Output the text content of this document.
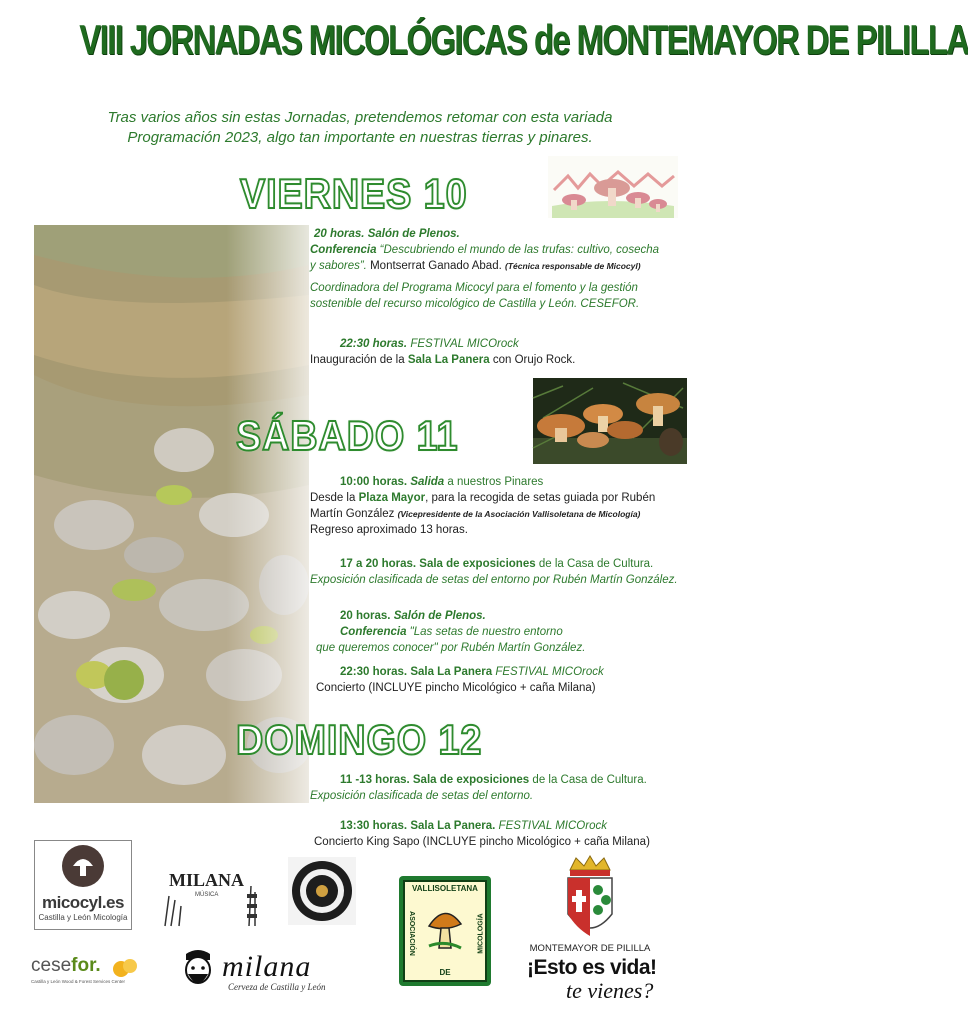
VIII JORNADAS MICOLÓGICAS de MONTEMAYOR DE PILILLA
Tras varios años sin estas Jornadas, pretendemos retomar con esta variada
Programación 2023, algo tan importante en nuestras tierras y pinares.
VIERNES 10
20 horas. Salón de Plenos.
Conferencia “Descubriendo el mundo de las trufas: cultivo, cosecha
y sabores”. Montserrat Ganado Abad. (Técnica responsable de Micocyl)
Coordinadora del Programa Micocyl para el fomento y la gestión
sostenible del recurso micológico de Castilla y León. CESEFOR.
22:30 horas. FESTIVAL MICOrock
Inauguración de la Sala La Panera con Orujo Rock.
SÁBADO 11
10:00 horas. Salida a nuestros Pinares
Desde la Plaza Mayor, para la recogida de setas guiada por Rubén
Martín González (Vicepresidente de la Asociación Vallisoletana de Micología)
Regreso aproximado 13 horas.
17 a 20 horas. Sala de exposiciones de la Casa de Cultura.
Exposición clasificada de setas del entorno por Rubén Martín González.
20 horas. Salón de Plenos.
Conferencia "Las setas de nuestro entorno
que queremos conocer" por Rubén Martín González.
22:30 horas. Sala La Panera FESTIVAL MICOrock
Concierto (INCLUYE pincho Micológico + caña Milana)
DOMINGO 12
11 -13 horas. Sala de exposiciones de la Casa de Cultura.
Exposición clasificada de setas del entorno.
13:30 horas. Sala La Panera. FESTIVAL MICOrock
Concierto King Sapo (INCLUYE pincho Micológico + caña Milana)
micocyl.es
Castilla y León Micología
MILANA
MÚSICA
VALLISOLETANA
ASOCIACIÓN	MICOLOGÍA
DE
MONTEMAYOR DE PILILLA
¡Esto es vida!
te vienes?
cesefor.
Castilla y León Wood & Forest Services Center	milana
Cerveza de Castilla y León
